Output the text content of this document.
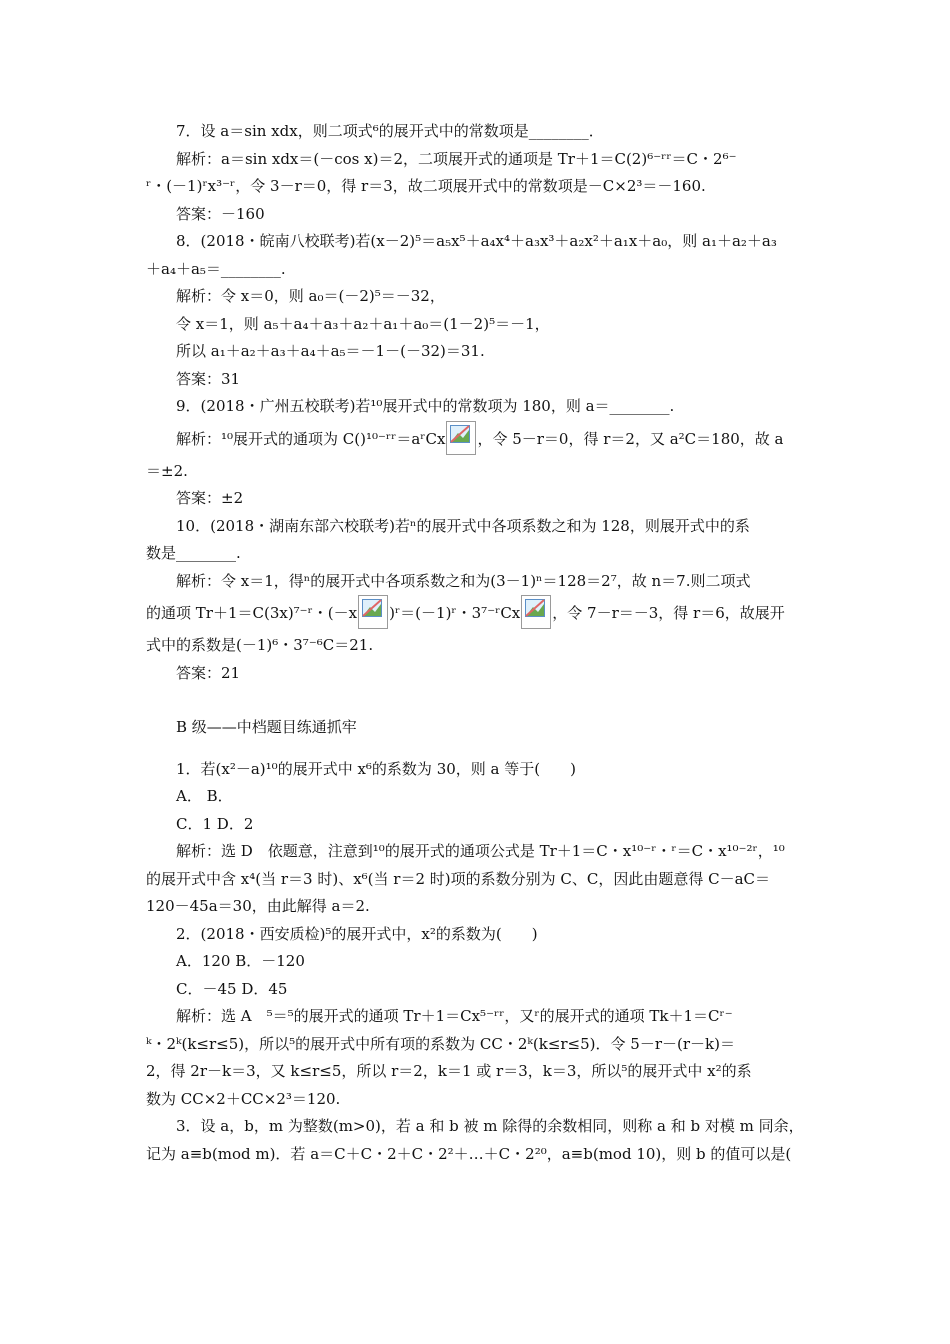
7．设 a＝sin xdx，则二项式⁶的展开式中的常数项是________．
解析：a＝sin xdx＝(－cos x)＝2，二项展开式的通项是 Tr＋1＝C(2)⁶⁻ʳʳ＝C・2⁶⁻
ʳ・(－1)ʳx³⁻ʳ，令 3－r＝0，得 r＝3，故二项展开式中的常数项是－C×2³＝－160.
答案：－160
8．(2018・皖南八校联考)若(x－2)⁵＝a₅x⁵＋a₄x⁴＋a₃x³＋a₂x²＋a₁x＋a₀，则 a₁＋a₂＋a₃
＋a₄＋a₅＝________.
解析：令 x＝0，则 a₀＝(－2)⁵＝－32，
令 x＝1，则 a₅＋a₄＋a₃＋a₂＋a₁＋a₀＝(1－2)⁵＝－1，
所以 a₁＋a₂＋a₃＋a₄＋a₅＝－1－(－32)＝31.
答案：31
9．(2018・广州五校联考)若¹⁰展开式中的常数项为 180，则 a＝________.
解析：¹⁰展开式的通项为 C()¹⁰⁻ʳʳ＝aʳCx ，令 5－r＝0，得 r＝2，又 a²C＝180，故 a
＝±2.
答案：±2
10．(2018・湖南东部六校联考)若ⁿ的展开式中各项系数之和为 128，则展开式中的系
数是________.
解析：令 x＝1，得ⁿ的展开式中各项系数之和为(3－1)ⁿ＝128＝2⁷，故 n＝7.则二项式
的通项 Tr＋1＝C(3x)⁷⁻ʳ・(－x )ʳ＝(－1)ʳ・3⁷⁻ʳCx ，令 7－r＝－3，得 r＝6，故展开
式中的系数是(－1)⁶・3⁷⁻⁶C＝21.
答案：21
B 级——中档题目练通抓牢
1．若(x²－a)¹⁰的展开式中 x⁶的系数为 30，则 a 等于(　　)
A． B．
C．1 D．2
解析：选 D　依题意，注意到¹⁰的展开式的通项公式是 Tr＋1＝C・x¹⁰⁻ʳ・ʳ＝C・x¹⁰⁻²ʳ，¹⁰
的展开式中含 x⁴(当 r＝3 时)、x⁶(当 r＝2 时)项的系数分别为 C、C，因此由题意得 C－aC＝
120－45a＝30，由此解得 a＝2.
2．(2018・西安质检)⁵的展开式中，x²的系数为(　　)
A．120 B．－120
C．－45 D．45
解析：选 A　⁵＝⁵的展开式的通项 Tr＋1＝Cx⁵⁻ʳʳ，又ʳ的展开式的通项 Tk＋1＝Cʳ⁻
ᵏ・2ᵏ(k≤r≤5)，所以⁵的展开式中所有项的系数为 CC・2ᵏ(k≤r≤5)．令 5－r－(r－k)＝
2，得 2r－k＝3，又 k≤r≤5，所以 r＝2，k＝1 或 r＝3，k＝3，所以⁵的展开式中 x²的系
数为 CC×2＋CC×2³＝120.
3．设 a，b，m 为整数(m>0)，若 a 和 b 被 m 除得的余数相同，则称 a 和 b 对模 m 同余，
记为 a≡b(mod m)．若 a＝C＋C・2＋C・2²＋…＋C・2²⁰，a≡b(mod 10)，则 b 的值可以是(
